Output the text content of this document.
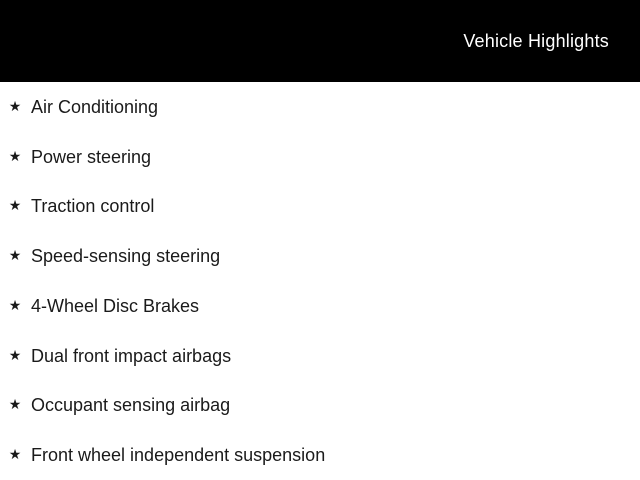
Vehicle Highlights
★ Air Conditioning
★ Power steering
★ Traction control
★ Speed-sensing steering
★ 4-Wheel Disc Brakes
★ Dual front impact airbags
★ Occupant sensing airbag
★ Front wheel independent suspension
